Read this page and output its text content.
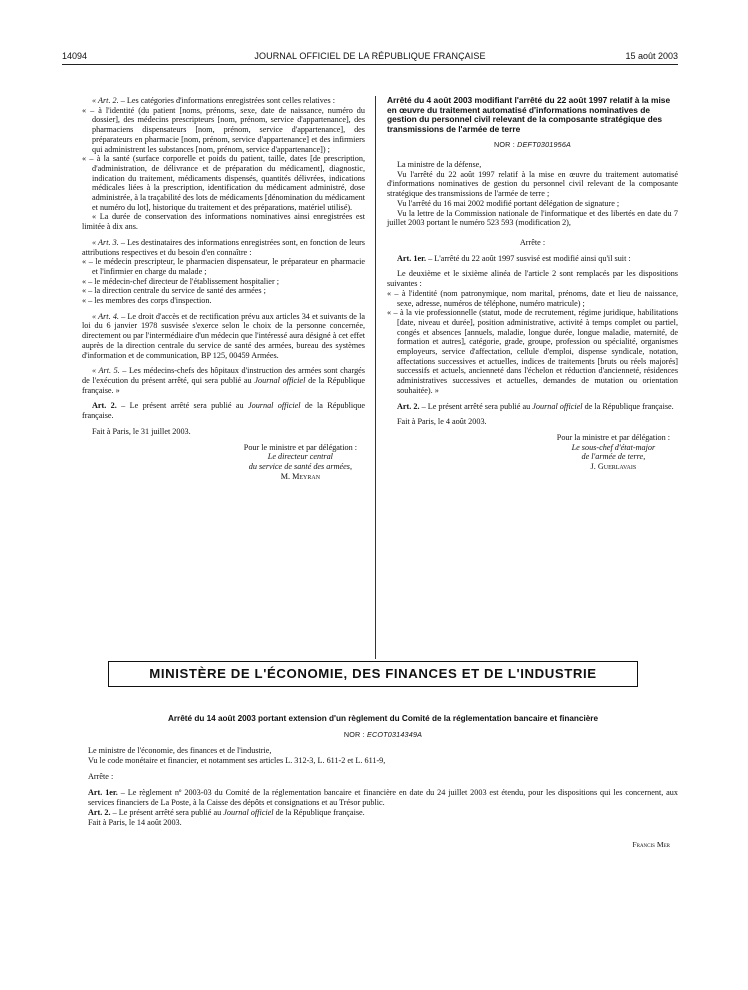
14094	JOURNAL OFFICIEL DE LA RÉPUBLIQUE FRANÇAISE	15 août 2003

« Art. 2. – Les catégories d'informations enregistrées sont celles relatives :

« – à l'identité (du patient [noms, prénoms, sexe, date de naissance, numéro du dossier], des médecins prescripteurs [nom, prénom, service d'appartenance], des pharmaciens dispensateurs [nom, prénom, service d'appartenance], des préparateurs en pharmacie [nom, prénom, service d'appartenance] et des infirmiers qui administrent les substances [nom, prénom, service d'appartenance]) ;

« – à la santé (surface corporelle et poids du patient, taille, dates [de prescription, d'administration, de délivrance et de préparation du médicament], diagnostic, indication du traitement, médicaments dispensés, quantités délivrées, indications médicales liées à la prescription, identification du médicament administré, dose administrée, à la traçabilité des lots de médicaments [dénomination du médicament et numéro du lot], historique du traitement et des préparations, matériel utilisé).

« La durée de conservation des informations nominatives ainsi enregistrées est limitée à dix ans.

« Art. 3. – Les destinataires des informations enregistrées sont, en fonction de leurs attributions respectives et du besoin d'en connaître :

« – le médecin prescripteur, le pharmacien dispensateur, le préparateur en pharmacie et l'infirmier en charge du malade ;

« – le médecin-chef directeur de l'établissement hospitalier ;

« – la direction centrale du service de santé des armées ;

« – les membres des corps d'inspection.

« Art. 4. – Le droit d'accès et de rectification prévu aux articles 34 et suivants de la loi du 6 janvier 1978 susvisée s'exerce selon le choix de la personne concernée, directement ou par l'intermédiaire d'un médecin que l'intéressé aura désigné à cet effet auprès de la direction centrale du service de santé des armées, bureau des systèmes d'information et de communication, BP 125, 00459 Armées.

« Art. 5. – Les médecins-chefs des hôpitaux d'instruction des armées sont chargés de l'exécution du présent arrêté, qui sera publié au Journal officiel de la République française. »

Art. 2. – Le présent arrêté sera publié au Journal officiel de la République française.

Fait à Paris, le 31 juillet 2003.

Pour le ministre et par délégation :
Le directeur central
du service de santé des armées,
M. Meyran

Arrêté du 4 août 2003 modifiant l'arrêté du 22 août 1997 relatif à la mise en œuvre du traitement automatisé d'informations nominatives de gestion du personnel civil relevant de la composante stratégique des transmissions de l'armée de terre

NOR : DEFT0301956A

La ministre de la défense,

Vu l'arrêté du 22 août 1997 relatif à la mise en œuvre du traitement automatisé d'informations nominatives de gestion du personnel civil relevant de la composante stratégique des transmissions de l'armée de terre ;

Vu l'arrêté du 16 mai 2002 modifié portant délégation de signature ;

Vu la lettre de la Commission nationale de l'informatique et des libertés en date du 7 juillet 2003 portant le numéro 523 593 (modification 2),

Arrête :

Art. 1er. – L'arrêté du 22 août 1997 susvisé est modifié ainsi qu'il suit :

Le deuxième et le sixième alinéa de l'article 2 sont remplacés par les dispositions suivantes :

« – à l'identité (nom patronymique, nom marital, prénoms, date et lieu de naissance, sexe, adresse, numéros de téléphone, numéro matricule) ;

« – à la vie professionnelle (statut, mode de recrutement, régime juridique, habilitations [date, niveau et durée], position administrative, activité à temps complet ou partiel, congés et absences [annuels, maladie, longue durée, longue maladie, maternité, de formation et autres], catégorie, grade, groupe, profession ou spécialité, organismes employeurs, service d'affectation, cellule d'emploi, dispense syndicale, notation, affectations successives et actuelles, indices de traitements [bruts ou réels majorés] successifs et actuels, ancienneté dans l'échelon et réduction d'ancienneté, résidences administratives successives et actuelles, demandes de mutation ou orientation souhaitée). »

Art. 2. – Le présent arrêté sera publié au Journal officiel de la République française.

Fait à Paris, le 4 août 2003.

Pour la ministre et par délégation :
Le sous-chef d'état-major
de l'armée de terre,
J. Guerlavais
MINISTÈRE DE L'ÉCONOMIE, DES FINANCES ET DE L'INDUSTRIE

Arrêté du 14 août 2003 portant extension d'un règlement du Comité de la réglementation bancaire et financière

NOR : ECOT0314349A

Le ministre de l'économie, des finances et de l'industrie,

Vu le code monétaire et financier, et notamment ses articles L. 312-3, L. 611-2 et L. 611-9,

Arrête :

Art. 1er. – Le règlement nº 2003-03 du Comité de la réglementation bancaire et financière en date du 24 juillet 2003 est étendu, pour les dispositions qui les concernent, aux services financiers de La Poste, à la Caisse des dépôts et consignations et au Trésor public.

Art. 2. – Le présent arrêté sera publié au Journal officiel de la République française.

Fait à Paris, le 14 août 2003.

Francis Mer
